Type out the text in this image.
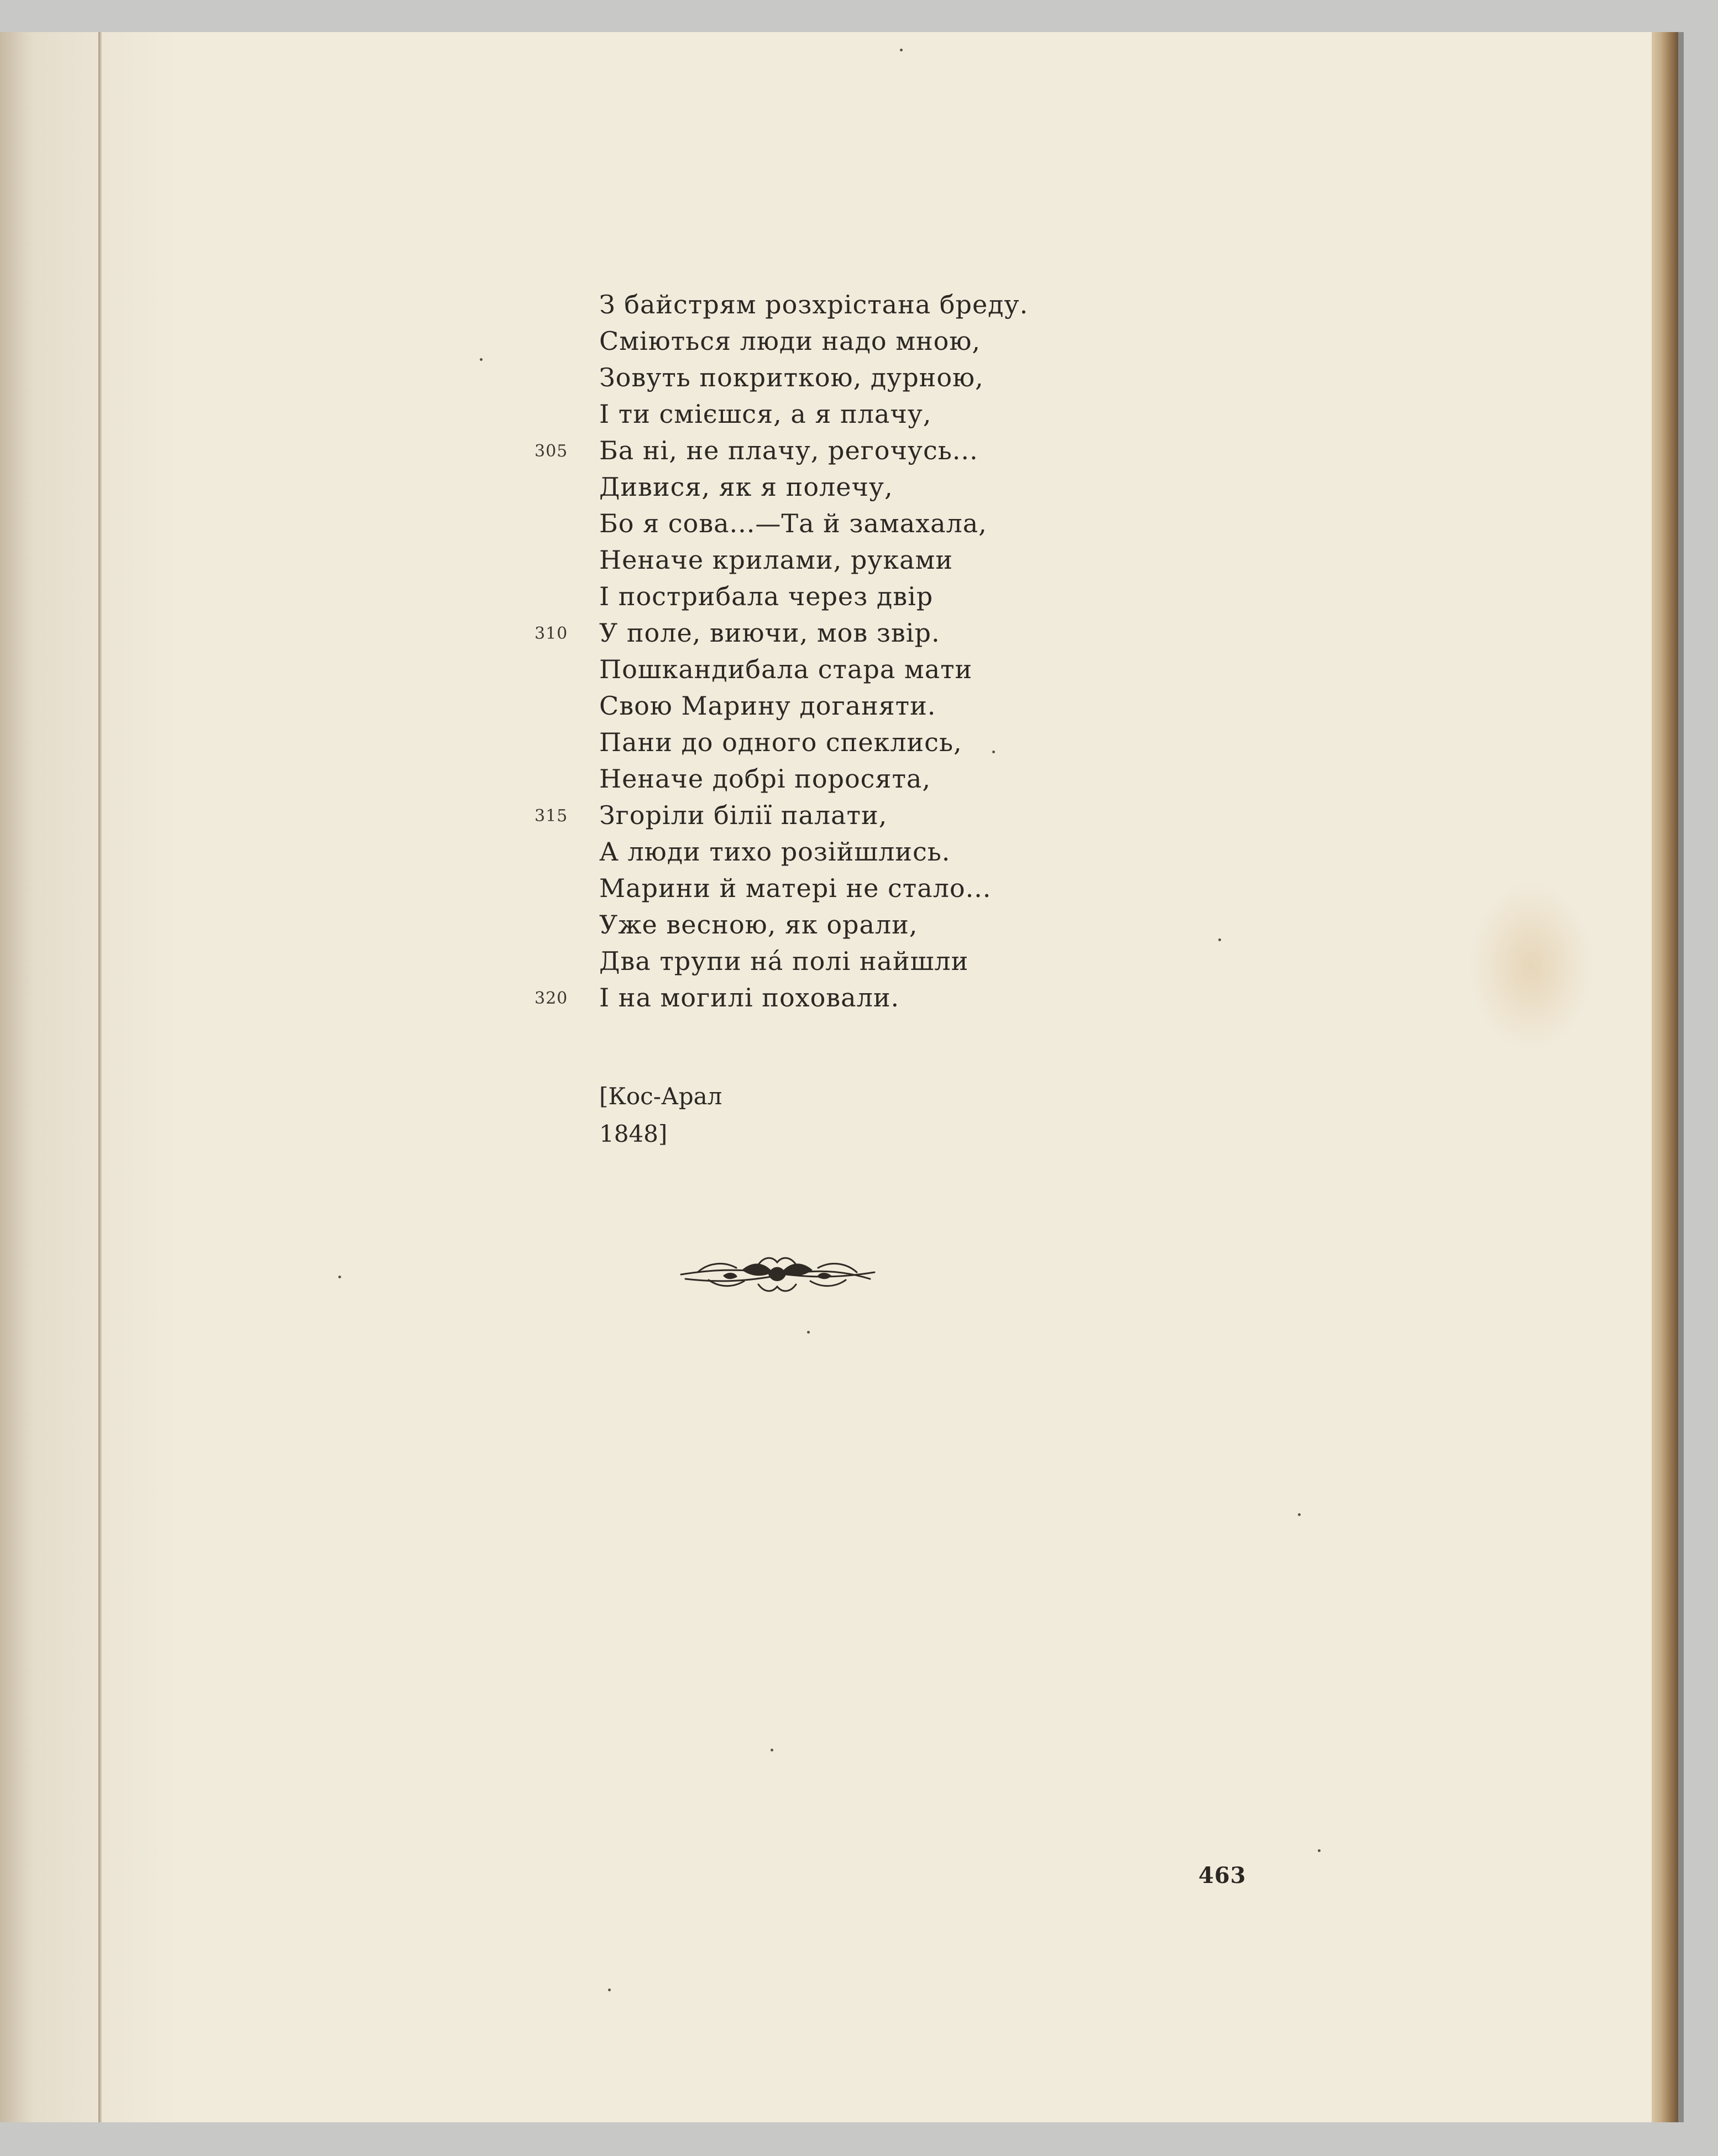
З байстрям розхрістана бреду.
Сміються люди надо мною,
Зовуть покриткою, дурною,
І ти смієшся, а я плачу,
305 Ба ні, не плачу, регочусь...
Дивися, як я полечу,
Бо я сова...—Та й замахала,
Неначе крилами, руками
І пострибала через двір
310 У поле, виючи, мов звір.
Пошкандибала стара мати
Свою Марину доганяти.
Пани до одного спеклись,
Неначе добрі поросята,
315 Згоріли білії палати,
А люди тихо розійшлись.
Марини й матері не стало...
Уже весною, як орали,
Два трупи на́ полі найшли
320 І на могилі поховали.
[Кос-Арал
1848]
463
